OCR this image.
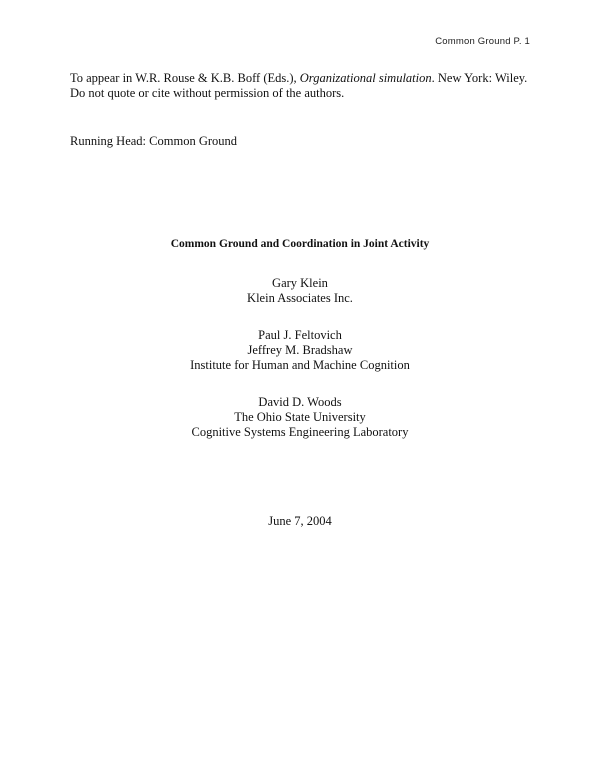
Common Ground P. 1
To appear in W.R. Rouse & K.B. Boff (Eds.), Organizational simulation. New York: Wiley.
Do not quote or cite without permission of the authors.
Running Head: Common Ground
Common Ground and Coordination in Joint Activity
Gary Klein
Klein Associates Inc.
Paul J. Feltovich
Jeffrey M. Bradshaw
Institute for Human and Machine Cognition
David D. Woods
The Ohio State University
Cognitive Systems Engineering Laboratory
June 7, 2004
